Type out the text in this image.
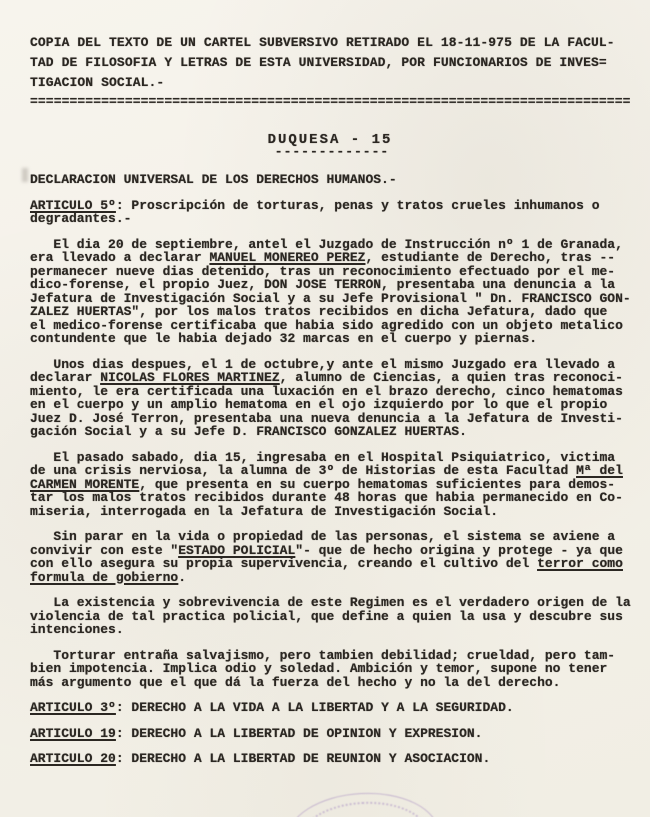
COPIA DEL TEXTO DE UN CARTEL SUBVERSIVO RETIRADO EL 18-11-975 DE LA FACUL-
TAD DE FILOSOFIA Y LETRAS DE ESTA UNIVERSIDAD, POR FUNCIONARIOS DE INVES=
TIGACION SOCIAL.-
============================================================================
DUQUESA - 15
-------------
DECLARACION UNIVERSAL DE LOS DERECHOS HUMANOS.-
ARTICULO 5º: Proscripción de torturas, penas y tratos crueles inhumanos o
degradantes.-
El dia 20 de septiembre, antel el Juzgado de Instrucción nº 1 de Granada,
era llevado a declarar MANUEL MONEREO PEREZ, estudiante de Derecho, tras --
permanecer nueve dias detenido, tras un reconocimiento efectuado por el me-
dico-forense, el propio Juez, DON JOSE TERRON, presentaba una denuncia a la
Jefatura de Investigación Social y a su Jefe Provisional " Dn. FRANCISCO GON-
ZALEZ HUERTAS", por los malos tratos recibidos en dicha Jefatura, dado que
el medico-forense certificaba que habia sido agredido con un objeto metalico
contundente que le habia dejado 32 marcas en el cuerpo y piernas.
Unos dias despues, el 1 de octubre,y ante el mismo Juzgado era llevado a
declarar NICOLAS FLORES MARTINEZ, alumno de Ciencias, a quien tras reconoci-
miento, le era certificada una luxación en el brazo derecho, cinco hematomas
en el cuerpo y un amplio hematoma en el ojo izquierdo por lo que el propio
Juez D. José Terron, presentaba una nueva denuncia a la Jefatura de Investi-
gación Social y a su Jefe D. FRANCISCO GONZALEZ HUERTAS.
El pasado sabado, dia 15, ingresaba en el Hospital Psiquiatrico, victima
de una crisis nerviosa, la alumna de 3º de Historias de esta Facultad Mª del
CARMEN MORENTE, que presenta en su cuerpo hematomas suficientes para demos-
tar los malos tratos recibidos durante 48 horas que habia permanecido en Co-
miseria, interrogada en la Jefatura de Investigación Social.
Sin parar en la vida o propiedad de las personas, el sistema se aviene a
convivir con este "ESTADO POLICIAL"- que de hecho origina y protege - ya que
con ello asegura su propia supervivencia, creando el cultivo del terror como
formula de gobierno.
La existencia y sobrevivencia de este Regimen es el verdadero origen de la
violencia de tal practica policial, que define a quien la usa y descubre sus
intenciones.
Torturar entraña salvajismo, pero tambien debilidad; crueldad, pero tam-
bien impotencia. Implica odio y soledad. Ambición y temor, supone no tener
más argumento que el que dá la fuerza del hecho y no la del derecho.
ARTICULO 3º: DERECHO A LA VIDA A LA LIBERTAD Y A LA SEGURIDAD.
ARTICULO 19: DERECHO A LA LIBERTAD DE OPINION Y EXPRESION.
ARTICULO 20: DERECHO A LA LIBERTAD DE REUNION Y ASOCIACION.
